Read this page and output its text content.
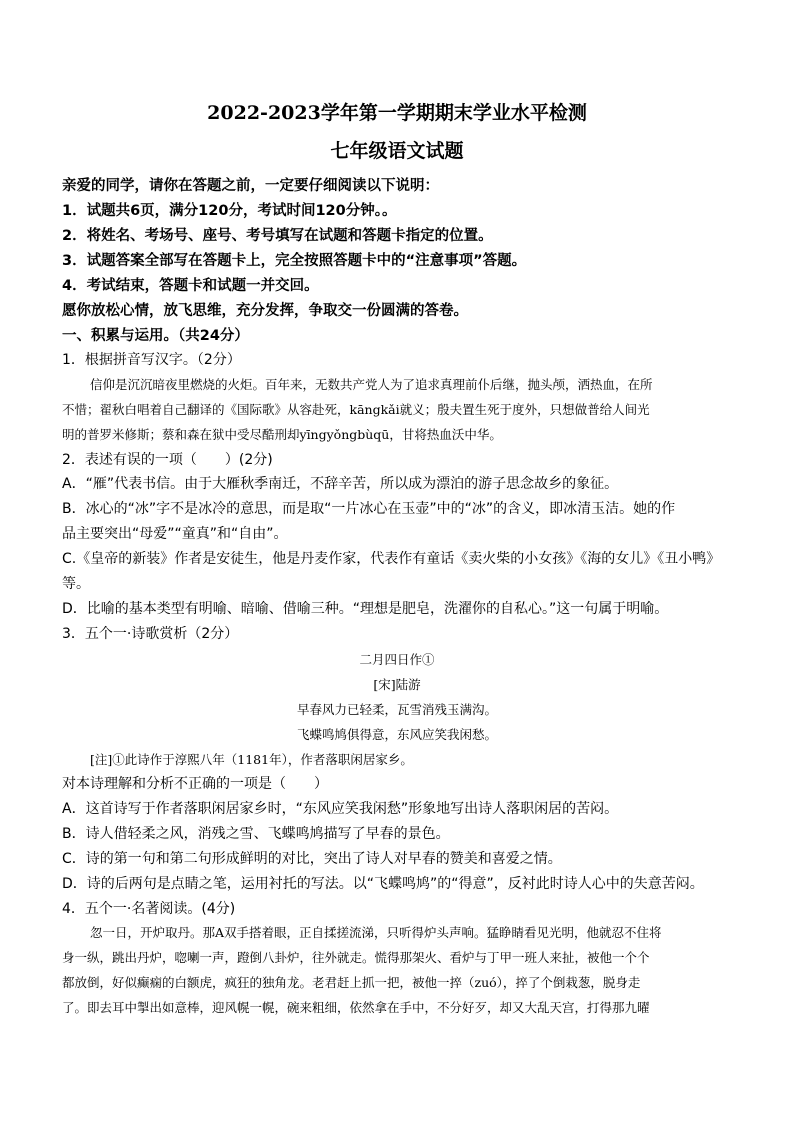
2022-2023学年第一学期期末学业水平检测
七年级语文试题
亲爱的同学，请你在答题之前，一定要仔细阅读以下说明：
1．试题共6页，满分120分，考试时间120分钟。。
2．将姓名、考场号、座号、考号填写在试题和答题卡指定的位置。
3．试题答案全部写在答题卡上，完全按照答题卡中的“注意事项”答题。
4．考试结束，答题卡和试题一并交回。
愿你放松心情，放飞思维，充分发挥，争取交一份圆满的答卷。
一、积累与运用。（共24分）
1．根据拼音写汉字。（2分）
信仰是沉沉暗夜里燃烧的火炬。百年来，无数共产党人为了追求真理前仆后继，抛头颅，洒热血，在所
不惜；翟秋白唱着自己翻译的《国际歌》从容赴死，kāngkǎi就义；殷夫置生死于度外，只想做普给人间光
明的普罗米修斯；蔡和森在狱中受尽酷刑却yīngyǒngbùqū，甘将热血沃中华。
2．表述有误的一项（　　）(2分)
A．“雁”代表书信。由于大雁秋季南迁，不辞辛苦，所以成为漂泊的游子思念故乡的象征。
B．冰心的“冰”字不是冰冷的意思，而是取“一片冰心在玉壶”中的“冰”的含义，即冰清玉洁。她的作
品主要突出“母爱”“童真”和“自由”。
C.《皇帝的新装》作者是安徒生，他是丹麦作家，代表作有童话《卖火柴的小女孩》《海的女儿》《丑小鸭》
等。
D．比喻的基本类型有明喻、暗喻、借喻三种。“理想是肥皂，洗濯你的自私心。”这一句属于明喻。
3．五个一·诗歌赏析（2分）
二月四日作①
[宋]陆游
早春风力已轻柔，瓦雪消残玉满沟。
飞蝶鸣鸠俱得意，东风应笑我闲愁。
[注]①此诗作于淳熙八年（1181年），作者落职闲居家乡。
对本诗理解和分析不正确的一项是（　　）
A．这首诗写于作者落职闲居家乡时，“东风应笑我闲愁”形象地写出诗人落职闲居的苦闷。
B．诗人借轻柔之风，消残之雪、飞蝶鸣鸠描写了早春的景色。
C．诗的第一句和第二句形成鲜明的对比，突出了诗人对早春的赞美和喜爱之情。
D．诗的后两句是点睛之笔，运用衬托的写法。以“飞蝶鸣鸠”的“得意”，反衬此时诗人心中的失意苦闷。
4．五个一·名著阅读。(4分)
忽一日，开炉取丹。那A双手搭着眼，正自揉搓流涕，只听得炉头声响。猛睁睛看见光明，他就忍不住将
身一纵，跳出丹炉，唿喇一声，蹬倒八卦炉，往外就走。慌得那架火、看炉与丁甲一班人来扯，被他一个个
都放倒，好似癫痫的白额虎，疯狂的独角龙。老君赶上抓一把，被他一捽（zuó），捽了个倒栽葱，脱身走
了。即去耳中掣出如意棒，迎风幌一幌，碗来粗细，依然拿在手中，不分好歹，却又大乱天宫，打得那九曜
